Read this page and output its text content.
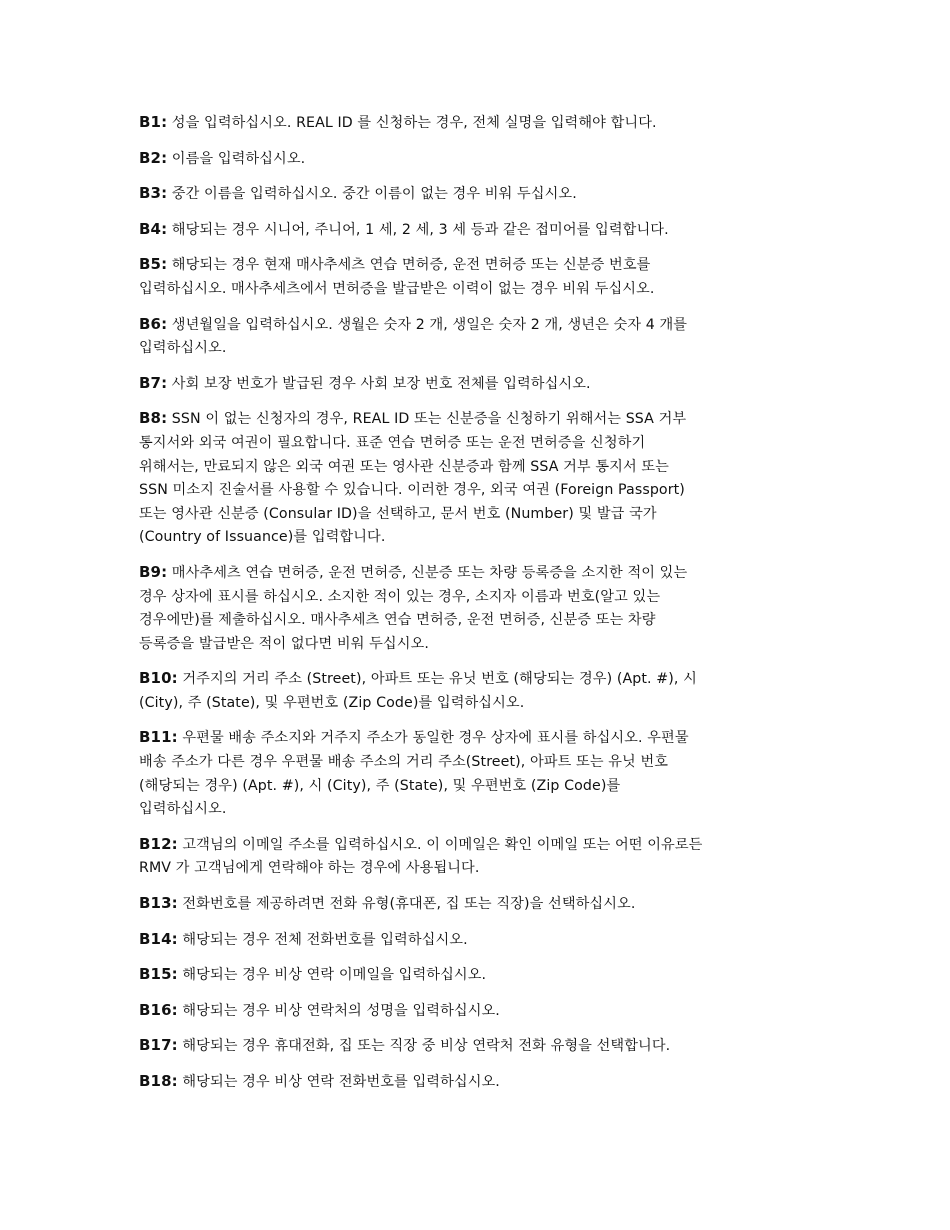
B1: 성을 입력하십시오. REAL ID 를 신청하는 경우, 전체 실명을 입력해야 합니다.
B2: 이름을 입력하십시오.
B3: 중간 이름을 입력하십시오. 중간 이름이 없는 경우 비워 두십시오.
B4: 해당되는 경우 시니어, 주니어, 1 세, 2 세, 3 세 등과 같은 접미어를 입력합니다.
B5: 해당되는 경우 현재 매사추세츠 연습 면허증, 운전 면허증 또는 신분증 번호를
입력하십시오. 매사추세츠에서 면허증을 발급받은 이력이 없는 경우 비워 두십시오.
B6: 생년월일을 입력하십시오. 생월은 숫자 2 개, 생일은 숫자 2 개, 생년은 숫자 4 개를
입력하십시오.
B7: 사회 보장 번호가 발급된 경우 사회 보장 번호 전체를 입력하십시오.
B8: SSN 이 없는 신청자의 경우, REAL ID 또는 신분증을 신청하기 위해서는 SSA 거부
통지서와 외국 여권이 필요합니다. 표준 연습 면허증 또는 운전 면허증을 신청하기
위해서는, 만료되지 않은 외국 여권 또는 영사관 신분증과 함께 SSA 거부 통지서 또는
SSN 미소지 진술서를 사용할 수 있습니다. 이러한 경우, 외국 여권 (Foreign Passport)
또는 영사관 신분증 (Consular ID)을 선택하고, 문서 번호 (Number) 및 발급 국가
(Country of Issuance)를 입력합니다.
B9: 매사추세츠 연습 면허증, 운전 면허증, 신분증 또는 차량 등록증을 소지한 적이 있는
경우 상자에 표시를 하십시오. 소지한 적이 있는 경우, 소지자 이름과 번호(알고 있는
경우에만)를 제출하십시오. 매사추세츠 연습 면허증, 운전 면허증, 신분증 또는 차량
등록증을 발급받은 적이 없다면 비워 두십시오.
B10: 거주지의 거리 주소 (Street), 아파트 또는 유닛 번호 (해당되는 경우) (Apt. #), 시
(City), 주 (State), 및 우편번호 (Zip Code)를 입력하십시오.
B11: 우편물 배송 주소지와 거주지 주소가 동일한 경우 상자에 표시를 하십시오. 우편물
배송 주소가 다른 경우 우편물 배송 주소의 거리 주소(Street), 아파트 또는 유닛 번호
(해당되는 경우) (Apt. #), 시 (City), 주 (State), 및 우편번호 (Zip Code)를
입력하십시오.
B12: 고객님의 이메일 주소를 입력하십시오. 이 이메일은 확인 이메일 또는 어떤 이유로든
RMV 가 고객님에게 연락해야 하는 경우에 사용됩니다.
B13: 전화번호를 제공하려면 전화 유형(휴대폰, 집 또는 직장)을 선택하십시오.
B14: 해당되는 경우 전체 전화번호를 입력하십시오.
B15: 해당되는 경우 비상 연락 이메일을 입력하십시오.
B16: 해당되는 경우 비상 연락처의 성명을 입력하십시오.
B17: 해당되는 경우 휴대전화, 집 또는 직장 중 비상 연락처 전화 유형을 선택합니다.
B18: 해당되는 경우 비상 연락 전화번호를 입력하십시오.
